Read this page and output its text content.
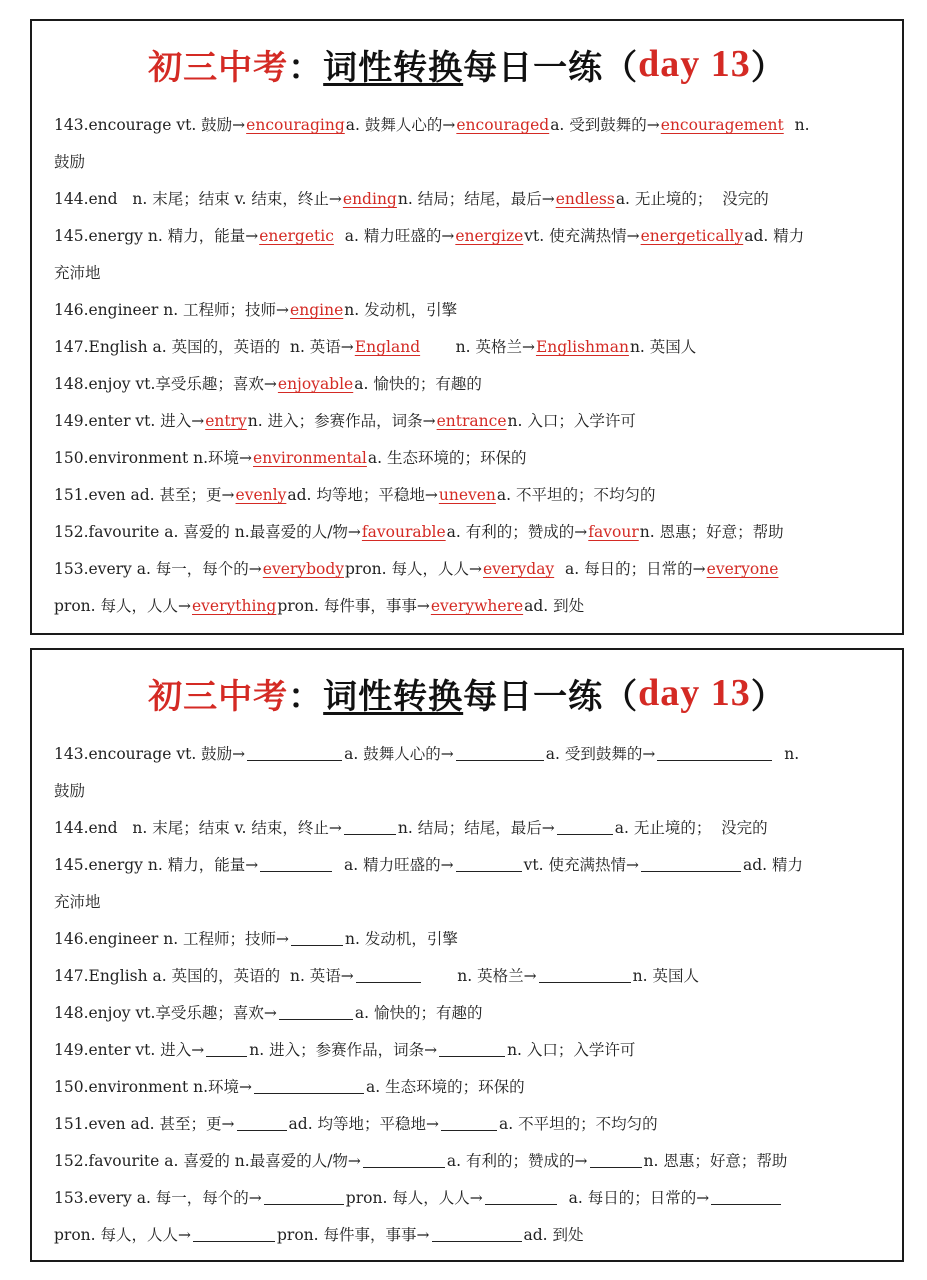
初三中考 ： 词性转换 每日一练 （ day 13 ）
143.encourage vt. 鼓励→encouraginga. 鼓舞人心的→encourageda. 受到鼓舞的→encouragement  n.
鼓励
144.end   n. 末尾；结束 v. 结束，终止→endingn. 结局；结尾，最后→endlessa. 无止境的；  没完的
145.energy n. 精力，能量→energetic  a. 精力旺盛的→energizevt. 使充满热情→energeticallyad. 精力
充沛地
146.engineer n. 工程师；技师→enginen. 发动机，引擎
147.English a. 英国的，英语的  n. 英语→England       n. 英格兰→Englishmann. 英国人
148.enjoy vt.享受乐趣；喜欢→enjoyablea. 愉快的；有趣的
149.enter vt. 进入→entryn. 进入；参赛作品，词条→entrancen. 入口；入学许可
150.environment n.环境→environmentala. 生态环境的；环保的
151.even ad. 甚至；更→evenlyad. 均等地；平稳地→unevena. 不平坦的；不均匀的
152.favourite a. 喜爱的 n.最喜爱的人/物→favourablea. 有利的；赞成的→favourn. 恩惠；好意；帮助
153.every a. 每一，每个的→everybodypron. 每人，人人→everyday  a. 每日的；日常的→everyone
pron. 每人，人人→everythingpron. 每件事，事事→everywheread. 到处
初三中考 ： 词性转换 每日一练 （ day 13 ）
143.encourage vt. 鼓励→	a. 鼓舞人心的→	a. 受到鼓舞的→	n.
鼓励
144.end   n. 末尾；结束 v. 结束，终止→	n. 结局；结尾，最后→	a. 无止境的；  没完的
145.energy n. 精力，能量→	a. 精力旺盛的→	vt. 使充满热情→	ad. 精力
充沛地
146.engineer n. 工程师；技师→	n. 发动机，引擎
147.English a. 英国的，英语的  n. 英语→	n. 英格兰→	n. 英国人
148.enjoy vt.享受乐趣；喜欢→	a. 愉快的；有趣的
149.enter vt. 进入→	n. 进入；参赛作品，词条→	n. 入口；入学许可
150.environment n.环境→	a. 生态环境的；环保的
151.even ad. 甚至；更→	ad. 均等地；平稳地→	a. 不平坦的；不均匀的
152.favourite a. 喜爱的 n.最喜爱的人/物→	a. 有利的；赞成的→	n. 恩惠；好意；帮助
153.every a. 每一，每个的→	pron. 每人，人人→	a. 每日的；日常的→
pron. 每人，人人→	pron. 每件事，事事→	ad. 到处
